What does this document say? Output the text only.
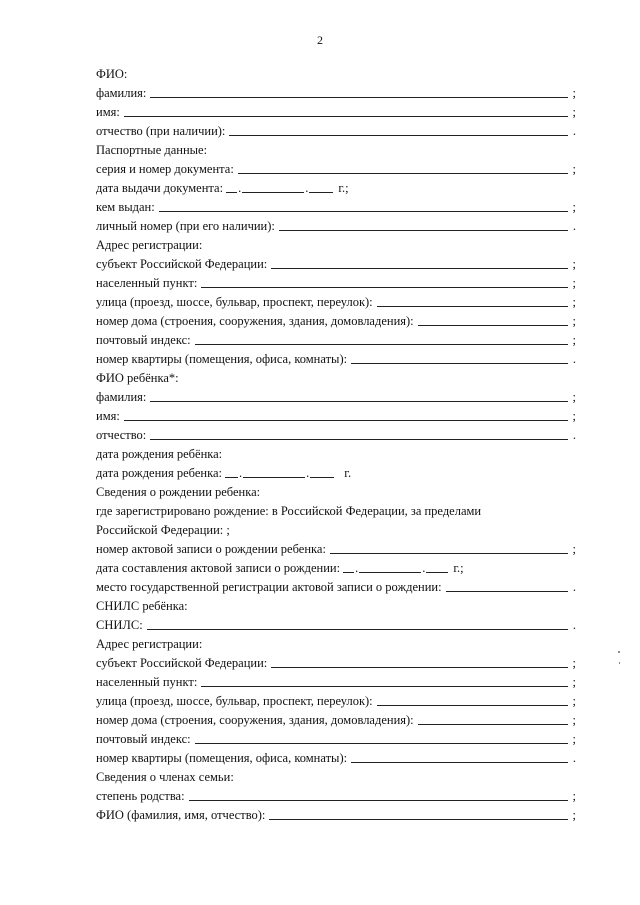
2
ФИО:
фамилия:	;
имя:	;
отчество (при наличии):	.
Паспортные данные:
серия и номер документа:	;
дата выдачи документа: .	. г.;
кем выдан:	;
личный номер (при его наличии):	.
Адрес регистрации:
субъект Российской Федерации:	;
населенный пункт:	;
улица (проезд, шоссе, бульвар, проспект, переулок):	;
номер дома (строения, сооружения, здания, домовладения):	;
почтовый индекс:	;
номер квартиры (помещения, офиса, комнаты):	.
ФИО ребёнка*:
фамилия:	;
имя:	;
отчество:	.
дата рождения ребёнка:
дата рождения ребенка: .	.	г.
Сведения о рождении ребенка:
где зарегистрировано рождение: в Российской Федерации, за пределами
Российской Федерации: ;
номер актовой записи о рождении ребенка:	;
дата составления актовой записи о рождении: .	. г.;
место государственной регистрации актовой записи о рождении:	.
СНИЛС ребёнка:
СНИЛС:	.
Адрес регистрации:
субъект Российской Федерации:	;
населенный пункт:	;
улица (проезд, шоссе, бульвар, проспект, переулок):	;
номер дома (строения, сооружения, здания, домовладения):	;
почтовый индекс:	;
номер квартиры (помещения, офиса, комнаты):	.
Сведения о членах семьи:
степень родства:	;
ФИО (фамилия, имя, отчество):	;
